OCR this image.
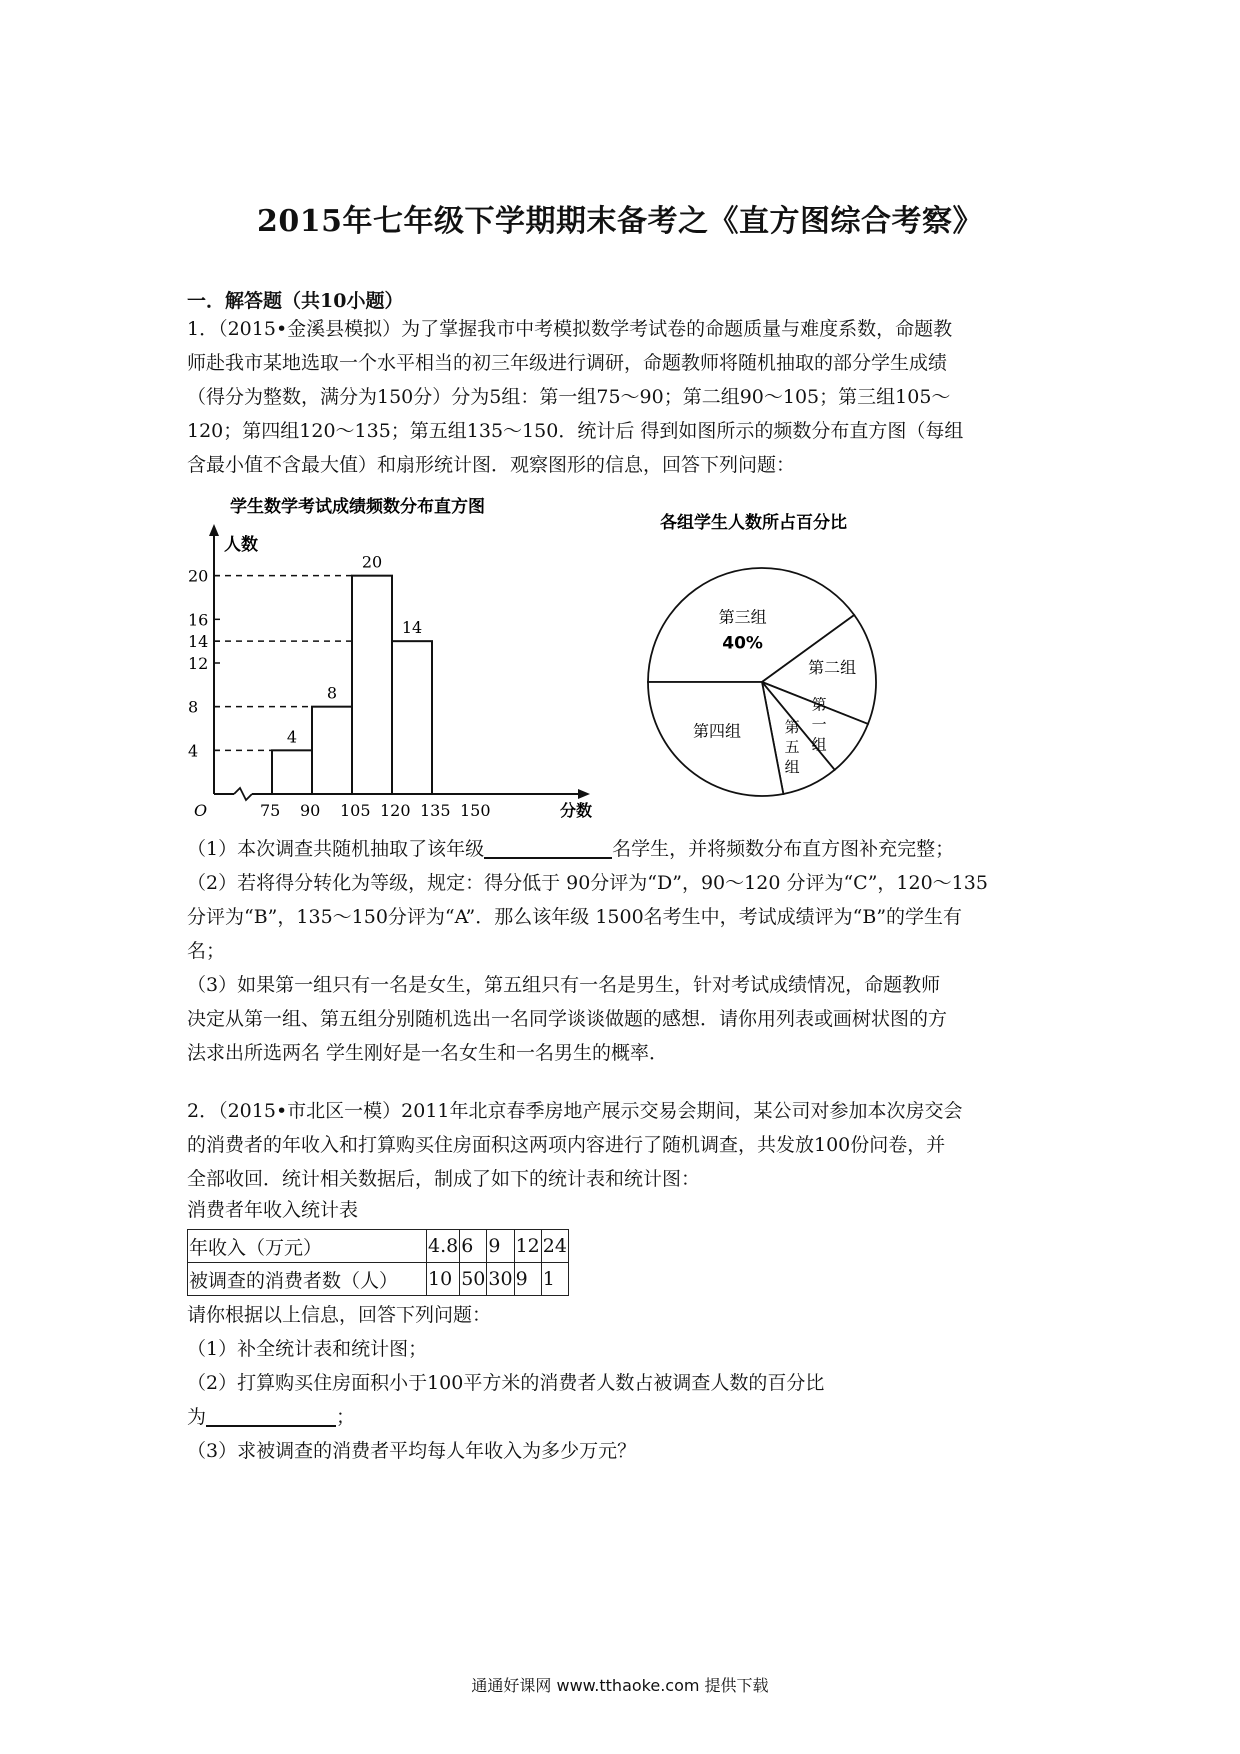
2015年七年级下学期期末备考之《直方图综合考察》
一．解答题（共10小题）

1．（2015•金溪县模拟）为了掌握我市中考模拟数学考试卷的命题质量与难度系数，命题教

师赴我市某地选取一个水平相当的初三年级进行调研，命题教师将随机抽取的部分学生成绩

（得分为整数，满分为150分）分为5组：第一组75～90；第二组90～105；第三组105～

120；第四组120～135；第五组135～150．统计后 得到如图所示的频数分布直方图（每组

含最小值不含最大值）和扇形统计图．观察图形的信息，回答下列问题：

学生数学考试成绩频数分布直方图
人数
分数
4
8
12
14
16
20
O	75 90 105 120 135 150
4
8
20
14
各组学生人数所占百分比
第三组
40%
第二组
第
一
组
第
五
组
第四组

（1）本次调查共随机抽取了该年级	名学生，并将频数分布直方图补充完整；

（2）若将得分转化为等级，规定：得分低于 90分评为“D”，90～120 分评为“C”，120～135

分评为“B”，135～150分评为“A”．那么该年级 1500名考生中，考试成绩评为“B”的学生有

名；

（3）如果第一组只有一名是女生，第五组只有一名是男生，针对考试成绩情况，命题教师

决定从第一组、第五组分别随机选出一名同学谈谈做题的感想．请你用列表或画树状图的方

法求出所选两名 学生刚好是一名女生和一名男生的概率．

2．（2015•市北区一模）2011年北京春季房地产展示交易会期间，某公司对参加本次房交会

的消费者的年收入和打算购买住房面积这两项内容进行了随机调查，共发放100份问卷，并

全部收回．统计相关数据后，制成了如下的统计表和统计图：

消费者年收入统计表
年收入（万元）	4.8	6	9	12	24
被调查的消费者数（人）	10	50	30	9	1

请你根据以上信息，回答下列问题：

（1）补全统计表和统计图；

（2）打算购买住房面积小于100平方米的消费者人数占被调查人数的百分比

为	；

（3）求被调查的消费者平均每人年收入为多少万元？

通通好课网 www.tthaoke.com 提供下载
